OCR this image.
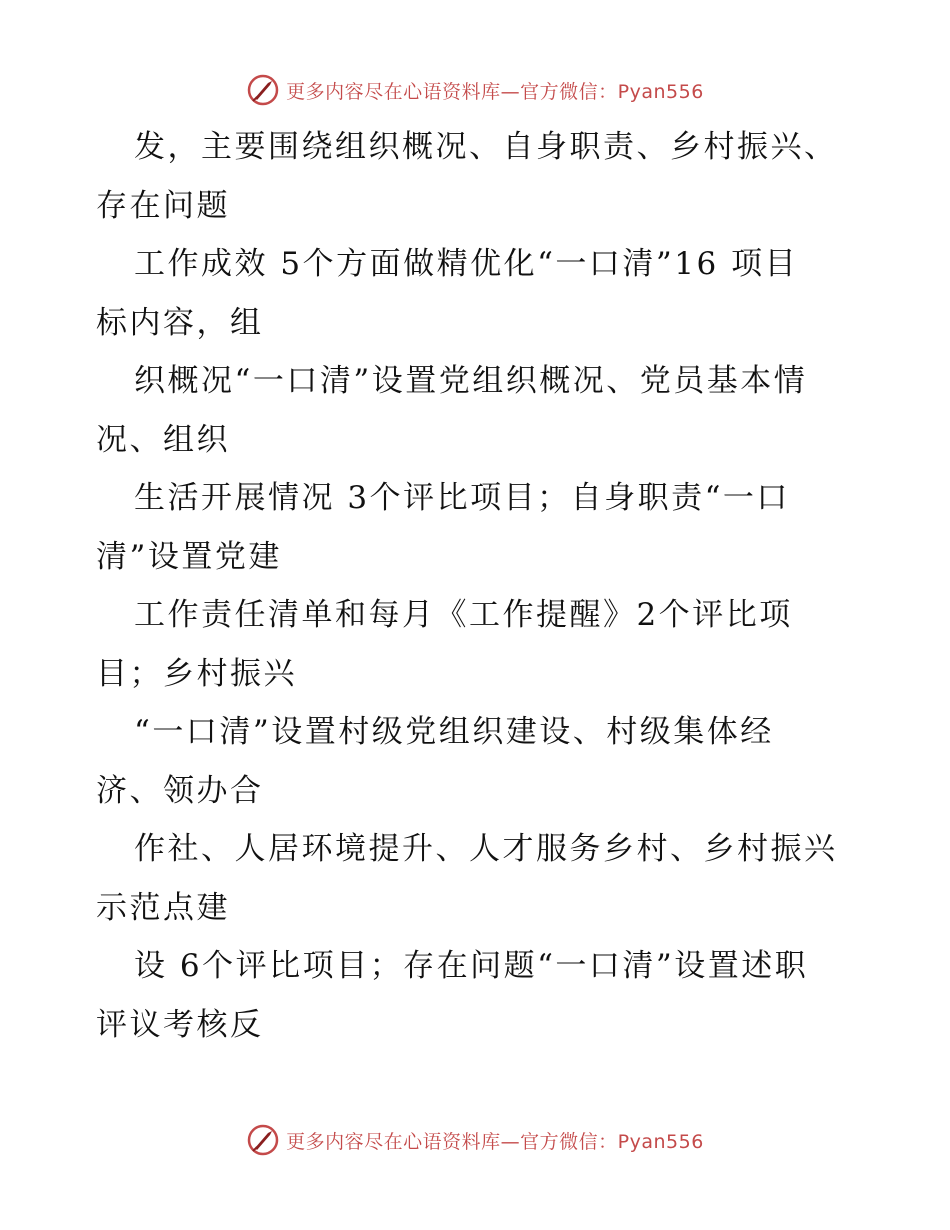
更多内容尽在心语资料库—官方微信：Pyan556
发，主要围绕组织概况、自身职责、乡村振兴、
存在问题
工作成效 5个方面做精优化“一口清”16 项目
标内容，组
织概况“一口清”设置党组织概况、党员基本情
况、组织
生活开展情况 3个评比项目；自身职责“一口
清”设置党建
工作责任清单和每月《工作提醒》2个评比项
目；乡村振兴
“一口清”设置村级党组织建设、村级集体经
济、领办合
作社、人居环境提升、人才服务乡村、乡村振兴
示范点建
设 6个评比项目；存在问题“一口清”设置述职
评议考核反
更多内容尽在心语资料库—官方微信：Pyan556
